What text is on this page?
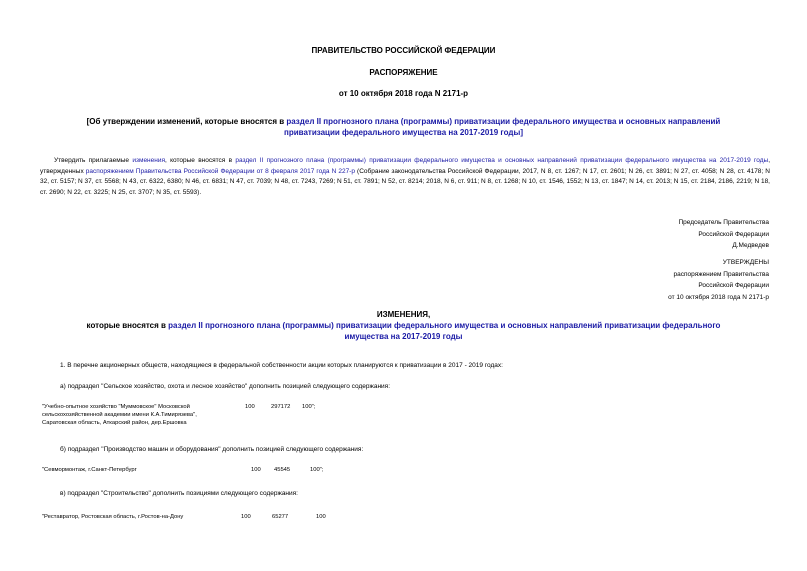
ПРАВИТЕЛЬСТВО РОССИЙСКОЙ ФЕДЕРАЦИИ
РАСПОРЯЖЕНИЕ
от 10 октября 2018 года N 2171-р
[Об утверждении изменений, которые вносятся в раздел II прогнозного плана (программы) приватизации федерального имущества и основных направлений
приватизации федерального имущества на 2017-2019 годы]
Утвердить прилагаемые изменения, которые вносятся в раздел II прогнозного плана (программы) приватизации федерального имущества и основных направлений приватизации федерального имущества на 2017-2019 годы, утвержденных распоряжением Правительства Российской Федерации от 8 февраля 2017 года N 227-р (Собрание законодательства Российской Федерации, 2017, N 8, ст. 1267; N 17, ст. 2601; N 26, ст. 3891; N 27, ст. 4058; N 28, ст. 4178; N 32, ст. 5157; N 37, ст. 5568; N 43, ст. 6322, 6380; N 46, ст. 6831; N 47, ст. 7039; N 48, ст. 7243, 7269; N 51, ст. 7891; N 52, ст. 8214; 2018, N 6, ст. 911; N 8, ст. 1268; N 10, ст. 1546, 1552; N 13, ст. 1847; N 14, ст. 2013; N 15, ст. 2184, 2186, 2219; N 18, ст. 2690; N 22, ст. 3225; N 25, ст. 3707; N 35, ст. 5593).
Председатель Правительства
Российской Федерации
Д.Медведев
УТВЕРЖДЕНЫ
распоряжением Правительства
Российской Федерации
от 10 октября 2018 года N 2171-р
ИЗМЕНЕНИЯ,
которые вносятся в раздел II прогнозного плана (программы) приватизации федерального имущества и основных направлений приватизации федерального
имущества на 2017-2019 годы
1. В перечне акционерных обществ, находящиеся в федеральной собственности акции которых планируются к приватизации в 2017 - 2019 годах:
а) подраздел "Сельское хозяйство, охота и лесное хозяйство" дополнить позицией следующего содержания:
"Учебно-опытное хозяйство "Муммовское" Московской
сельскохозяйственной академии имени К.А.Тимирязева",
Саратовская область, Аткарский район, дер.Ершовка
100	297172 100";
б) подраздел "Производство машин и оборудования" дополнить позицией следующего содержания:
"Севмормонтаж, г.Санкт-Петербург	100 45545	100";
в) подраздел "Строительство" дополнить позициями следующего содержания:
"Реставратор, Ростовская область, г.Ростов-на-Дону	100	65277	100
